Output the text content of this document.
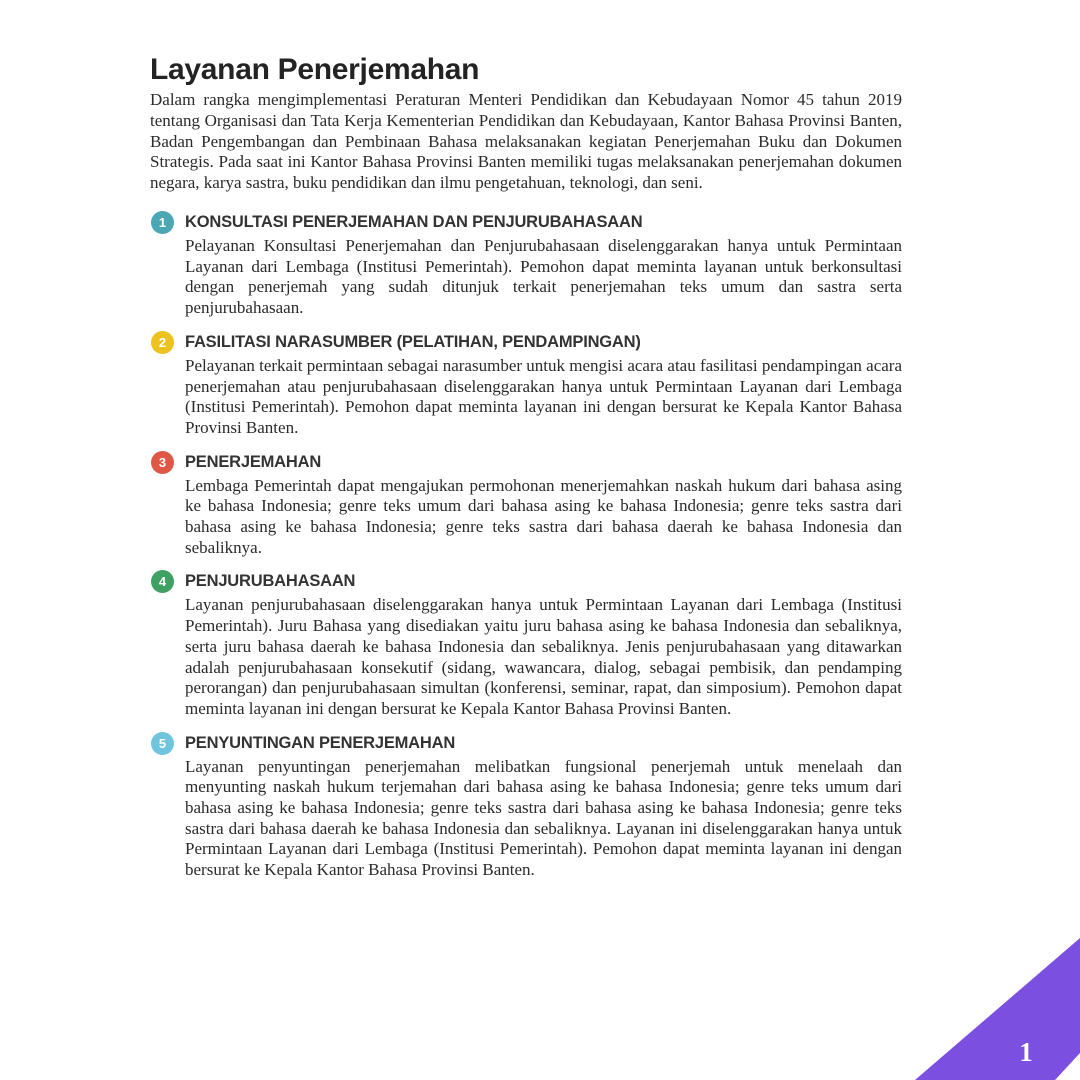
Layanan Penerjemahan

Dalam rangka mengimplementasi Peraturan Menteri Pendidikan dan Kebudayaan Nomor 45 tahun 2019 tentang Organisasi dan Tata Kerja Kementerian Pendidikan dan Kebudayaan, Kantor Bahasa Provinsi Banten, Badan Pengembangan dan Pembinaan Bahasa melaksanakan kegiatan Penerjemahan Buku dan Dokumen Strategis. Pada saat ini Kantor Bahasa Provinsi Banten memiliki tugas melaksanakan penerjemahan dokumen negara, karya sastra, buku pendidikan dan ilmu pengetahuan, teknologi, dan seni.

1 KONSULTASI PENERJEMAHAN DAN PENJURUBAHASAAN

Pelayanan Konsultasi Penerjemahan dan Penjurubahasaan diselenggarakan hanya untuk Permintaan Layanan dari Lembaga (Institusi Pemerintah). Pemohon dapat meminta layanan untuk berkonsultasi dengan penerjemah yang sudah ditunjuk terkait penerjemahan teks umum dan sastra serta penjurubahasaan.

2 FASILITASI NARASUMBER (PELATIHAN, PENDAMPINGAN)

Pelayanan terkait permintaan sebagai narasumber untuk mengisi acara atau fasilitasi pendampingan acara penerjemahan atau penjurubahasaan diselenggarakan hanya untuk Permintaan Layanan dari Lembaga (Institusi Pemerintah). Pemohon dapat meminta layanan ini dengan bersurat ke Kepala Kantor Bahasa Provinsi Banten.

3 PENERJEMAHAN

Lembaga Pemerintah dapat mengajukan permohonan menerjemahkan naskah hukum dari bahasa asing ke bahasa Indonesia; genre teks umum dari bahasa asing ke bahasa Indonesia; genre teks sastra dari bahasa asing ke bahasa Indonesia; genre teks sastra dari bahasa daerah ke bahasa Indonesia dan sebaliknya.

4 PENJURUBAHASAAN

Layanan penjurubahasaan diselenggarakan hanya untuk Permintaan Layanan dari Lembaga (Institusi Pemerintah). Juru Bahasa yang disediakan yaitu juru bahasa asing ke bahasa Indonesia dan sebaliknya, serta juru bahasa daerah ke bahasa Indonesia dan sebaliknya. Jenis penjurubahasaan yang ditawarkan adalah penjurubahasaan konsekutif (sidang, wawancara, dialog, sebagai pembisik, dan pendamping perorangan) dan penjurubahasaan simultan (konferensi, seminar, rapat, dan simposium). Pemohon dapat meminta layanan ini dengan bersurat ke Kepala Kantor Bahasa Provinsi Banten.

5 PENYUNTINGAN PENERJEMAHAN

Layanan penyuntingan penerjemahan melibatkan fungsional penerjemah untuk menelaah dan menyunting naskah hukum terjemahan dari bahasa asing ke bahasa Indonesia; genre teks umum dari bahasa asing ke bahasa Indonesia; genre teks sastra dari bahasa asing ke bahasa Indonesia; genre teks sastra dari bahasa daerah ke bahasa Indonesia dan sebaliknya. Layanan ini diselenggarakan hanya untuk Permintaan Layanan dari Lembaga (Institusi Pemerintah). Pemohon dapat meminta layanan ini dengan bersurat ke Kepala Kantor Bahasa Provinsi Banten.

1
